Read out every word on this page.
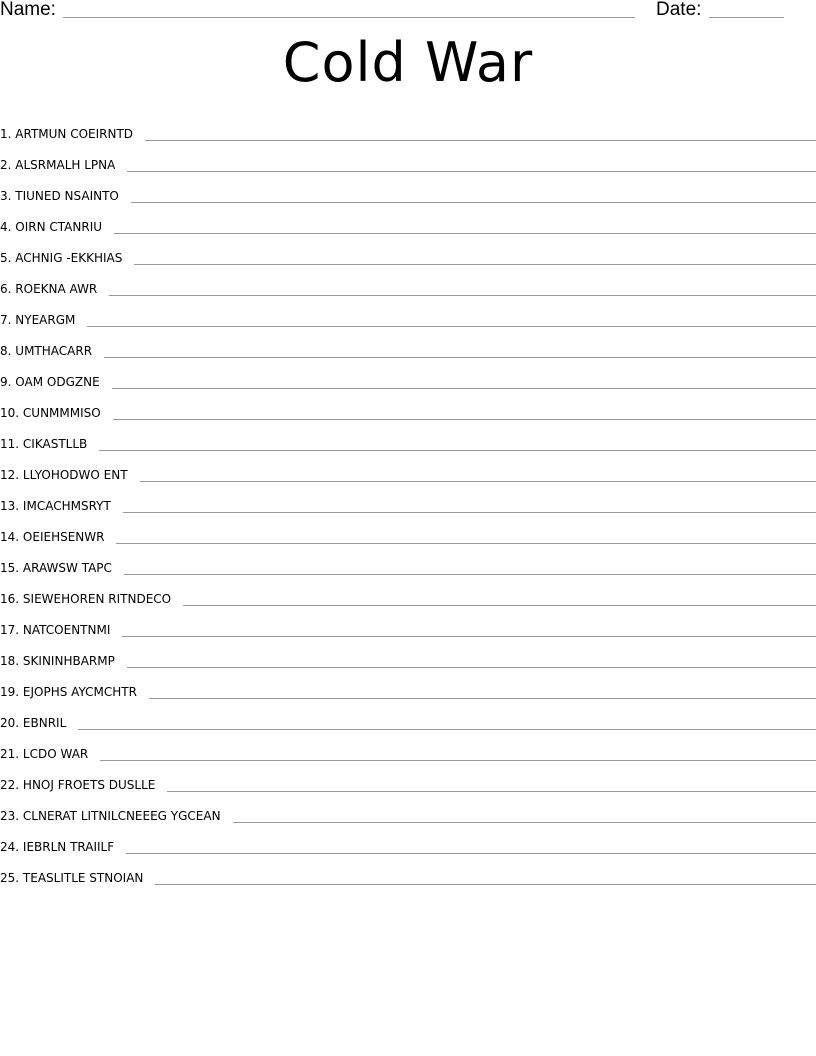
Name:	Date:
Cold War
1. ARTMUN COEIRNTD
2. ALSRMALH LPNA
3. TIUNED NSAINTO
4. OIRN CTANRIU
5. ACHNIG -EKKHIAS
6. ROEKNA AWR
7. NYEARGM
8. UMTHACARR
9. OAM ODGZNE
10. CUNMMMISO
11. CIKASTLLB
12. LLYOHODWO ENT
13. IMCACHMSRYT
14. OEIEHSENWR
15. ARAWSW TAPC
16. SIEWEHOREN RITNDECO
17. NATCOENTNMI
18. SKININHBARMP
19. EJOPHS AYCMCHTR
20. EBNRIL
21. LCDO WAR
22. HNOJ FROETS DUSLLE
23. CLNERAT LITNILCNEEEG YGCEAN
24. IEBRLN TRAIILF
25. TEASLITLE STNOIAN
